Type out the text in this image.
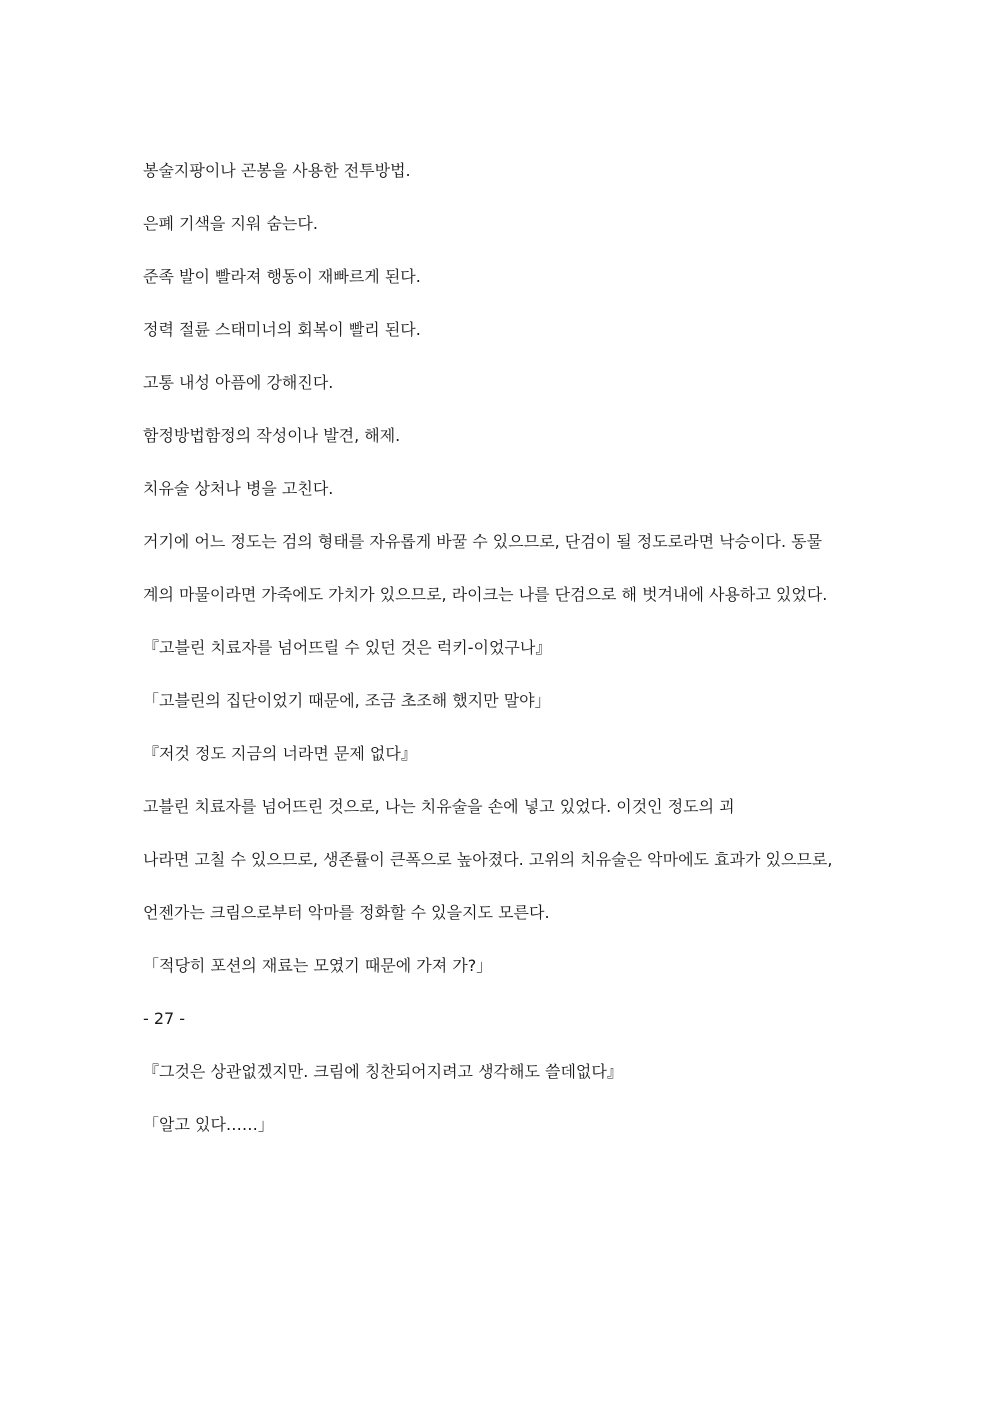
봉술지팡이나 곤봉을 사용한 전투방법.

은폐 기색을 지워 숨는다.

준족 발이 빨라져 행동이 재빠르게 된다.

정력 절륜 스태미너의 회복이 빨리 된다.

고통 내성 아픔에 강해진다.

함정방법함정의 작성이나 발견, 해제.

치유술 상처나 병을 고친다.

거기에 어느 정도는 검의 형태를 자유롭게 바꿀 수 있으므로, 단검이 될 정도로라면 낙승이다. 동물

계의 마물이라면 가죽에도 가치가 있으므로, 라이크는 나를 단검으로 해 벗겨내에 사용하고 있었다.

『고블린 치료자를 넘어뜨릴 수 있던 것은 럭키-이었구나』

「고블린의 집단이었기 때문에, 조금 초조해 했지만 말야」

『저것 정도 지금의 너라면 문제 없다』

고블린 치료자를 넘어뜨린 것으로, 나는 치유술을 손에 넣고 있었다. 이것인 정도의 괴

나라면 고칠 수 있으므로, 생존률이 큰폭으로 높아졌다. 고위의 치유술은 악마에도 효과가 있으므로,

언젠가는 크림으로부터 악마를 정화할 수 있을지도 모른다.

「적당히 포션의 재료는 모였기 때문에 가져 가?」

- 27 -

『그것은 상관없겠지만. 크림에 칭찬되어지려고 생각해도 쓸데없다』

「알고 있다……」
